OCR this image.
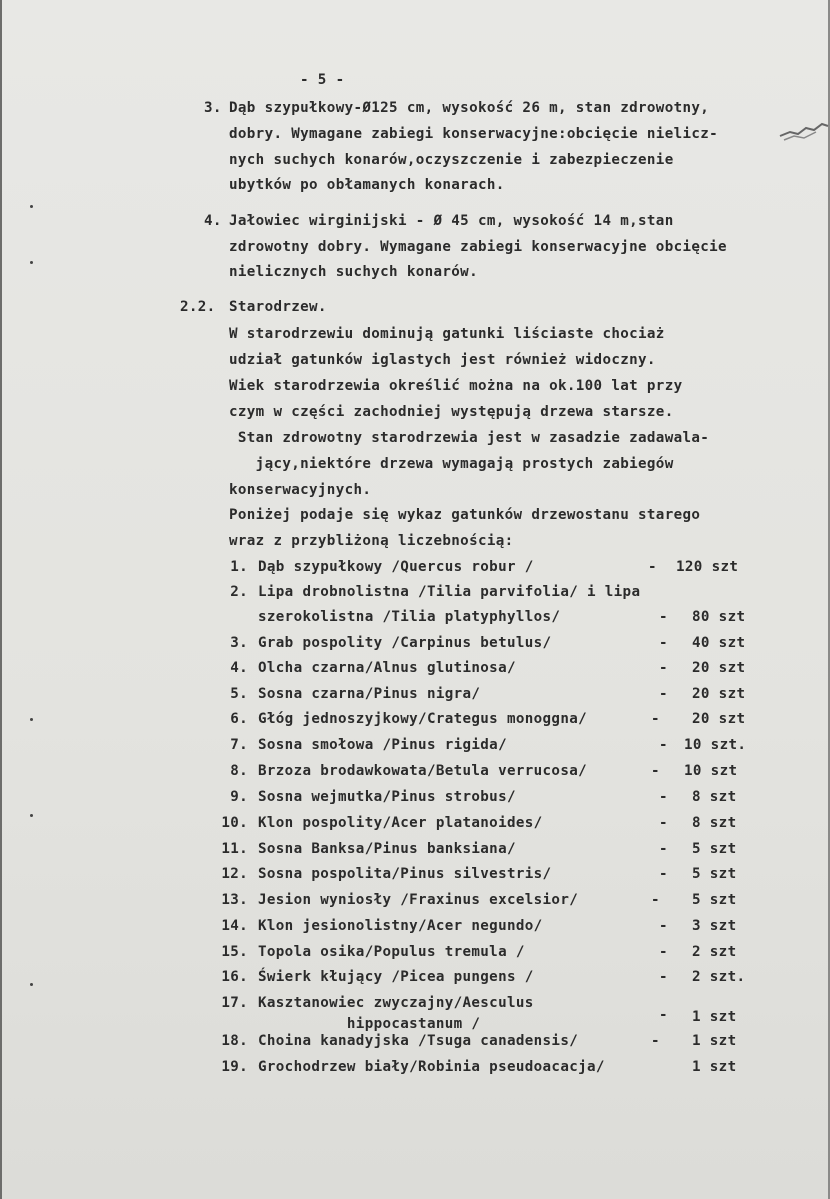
- 5 -
3. Dąb szypułkowy-Ø125 cm, wysokość 26 m, stan zdrowotny,
dobry. Wymagane zabiegi konserwacyjne:obcięcie nielicz-
nych suchych konarów,oczyszczenie i zabezpieczenie
ubytków po obłamanych konarach.
4. Jałowiec wirginijski - Ø 45 cm, wysokość 14 m,stan
zdrowotny dobry. Wymagane zabiegi konserwacyjne obcięcie
nielicznych suchych konarów.
2.2. Starodrzew.
W starodrzewiu dominują gatunki liściaste chociaż
udział gatunków iglastych jest również widoczny.
Wiek starodrzewia określić można na ok.100 lat przy
czym w części zachodniej występują drzewa starsze.
Stan zdrowotny starodrzewia jest w zasadzie zadawala-
jący,niektóre drzewa wymagają prostych zabiegów
konserwacyjnych.
Poniżej podaje się wykaz gatunków drzewostanu starego
wraz z przybliżoną liczebnością:
1. Dąb szypułkowy /Quercus robur /	- 120 szt
2. Lipa drobnolistna /Tilia parvifolia/ i lipa
szerokolistna /Tilia platyphyllos/	- 80 szt
3. Grab pospolity /Carpinus betulus/	- 40 szt
4. Olcha czarna/Alnus glutinosa/	- 20 szt
5. Sosna czarna/Pinus nigra/	- 20 szt
6. Głóg jednoszyjkowy/Crategus monoggna/	- 20 szt
7. Sosna smołowa /Pinus rigida/	- 10 szt.
8. Brzoza brodawkowata/Betula verrucosa/	- 10 szt
9. Sosna wejmutka/Pinus strobus/	- 8 szt
10. Klon pospolity/Acer platanoides/	- 8 szt
11. Sosna Banksa/Pinus banksiana/	- 5 szt
12. Sosna pospolita/Pinus silvestris/	- 5 szt
13. Jesion wyniosły /Fraxinus excelsior/	- 5 szt
14. Klon jesionolistny/Acer negundo/	- 3 szt
15. Topola osika/Populus tremula /	- 2 szt
16. Świerk kłujący /Picea pungens /	- 2 szt.
17. Kasztanowiec zwyczajny/Aesculus
hippocastanum /
- 1 szt
18. Choina kanadyjska /Tsuga canadensis/	- 1 szt
19. Grochodrzew biały/Robinia pseudoacacja/	1 szt
